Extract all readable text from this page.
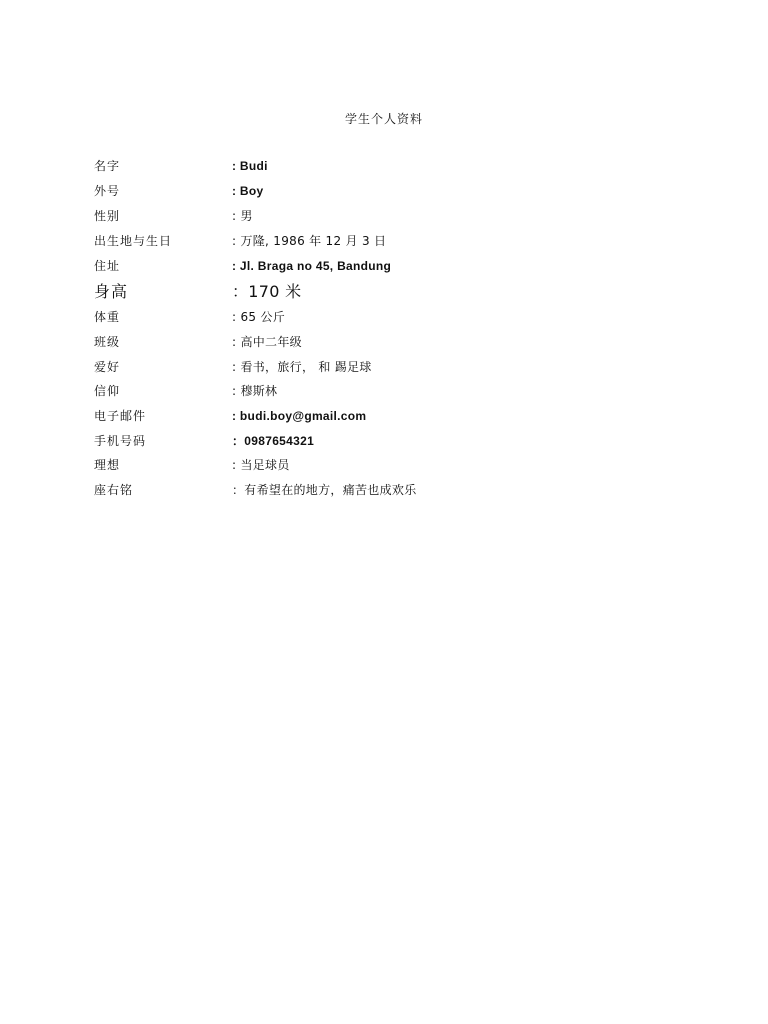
学生个人资料
名字	: Budi
外号	: Boy
性别	: 男
出生地与生日	: 万隆, 1986 年 12 月 3 日
住址	: Jl. Braga no 45, Bandung
身高	：170 米
体重	: 65 公斤
班级	: 高中二年级
爱好	: 看书，旅行， 和 踢足球
信仰	: 穆斯林
电子邮件	: budi.boy@gmail.com
手机号码	：0987654321
理想	: 当足球员
座右铭	：有希望在的地方，痛苦也成欢乐
